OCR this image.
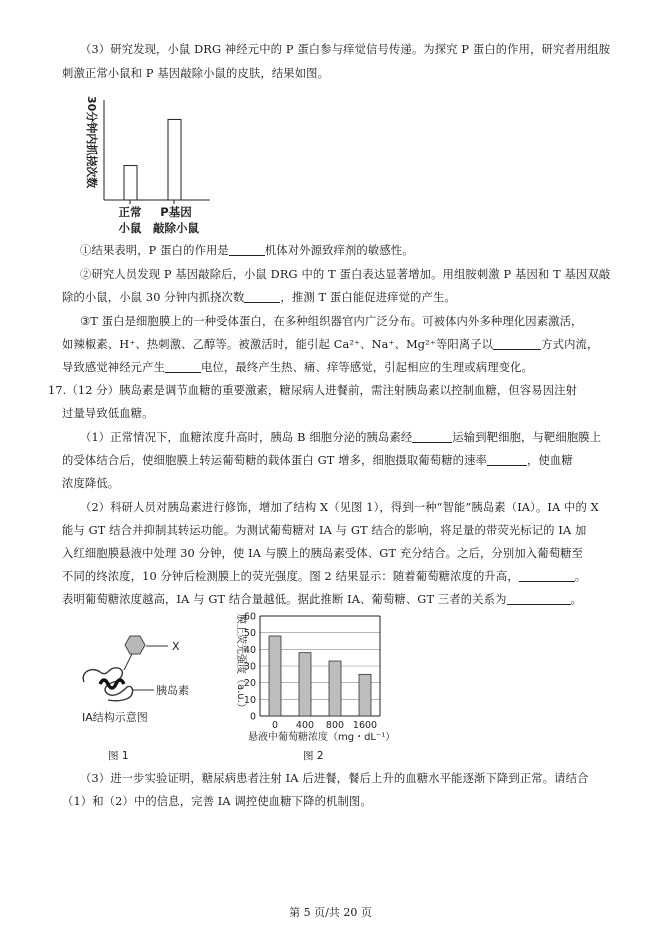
（3）研究发现，小鼠 DRG 神经元中的 P 蛋白参与痒觉信号传递。为探究 P 蛋白的作用，研究者用组胺
刺激正常小鼠和 P 基因敲除小鼠的皮肤，结果如图。
30分钟内抓挠次数
正常
小鼠
P基因
敲除小鼠
①结果表明，P 蛋白的作用是	机体对外源致痒剂的敏感性。
②研究人员发现 P 基因敲除后，小鼠 DRG 中的 T 蛋白表达显著增加。用组胺刺激 P 基因和 T 基因双敲
除的小鼠，小鼠 30 分钟内抓挠次数	，推测 T 蛋白能促进痒觉的产生。
③T 蛋白是细胞膜上的一种受体蛋白，在多种组织器官内广泛分布。可被体内外多种理化因素激活，
如辣椒素、H⁺、热刺激、乙醇等。被激活时，能引起 Ca²⁺、Na⁺、Mg²⁺等阳离子以	方式内流，
导致感觉神经元产生	电位，最终产生热、痛、痒等感觉，引起相应的生理或病理变化。
17.（12 分）胰岛素是调节血糖的重要激素，糖尿病人进餐前，需注射胰岛素以控制血糖，但容易因注射
过量导致低血糖。
（1）正常情况下，血糖浓度升高时，胰岛 B 细胞分泌的胰岛素经	运输到靶细胞，与靶细胞膜上
的受体结合后，使细胞膜上转运葡萄糖的载体蛋白 GT 增多，细胞摄取葡萄糖的速率	，使血糖
浓度降低。
（2）科研人员对胰岛素进行修饰，增加了结构 X（见图 1），得到一种“智能”胰岛素（IA）。IA 中的 X
能与 GT 结合并抑制其转运功能。为测试葡萄糖对 IA 与 GT 结合的影响，将足量的带荧光标记的 IA 加
入红细胞膜悬液中处理 30 分钟，使 IA 与膜上的胰岛素受体、GT 充分结合。之后，分别加入葡萄糖至
不同的终浓度，10 分钟后检测膜上的荧光强度。图 2 结果显示：随着葡萄糖浓度的升高，	。
表明葡萄糖浓度越高，IA 与 GT 结合量越低。据此推断 IA、葡萄糖、GT 三者的关系为	。
X
胰岛素
IA结构示意图
图 1
膜上荧光强度（a.u.）
0
10
20
30
40
50
60
0 400 800 1600
悬液中葡萄糖浓度（mg・dL⁻¹）
图 2
（3）进一步实验证明，糖尿病患者注射 IA 后进餐，餐后上升的血糖水平能逐渐下降到正常。请结合
（1）和（2）中的信息，完善 IA 调控使血糖下降的机制图。
第 5 页/共 20 页
